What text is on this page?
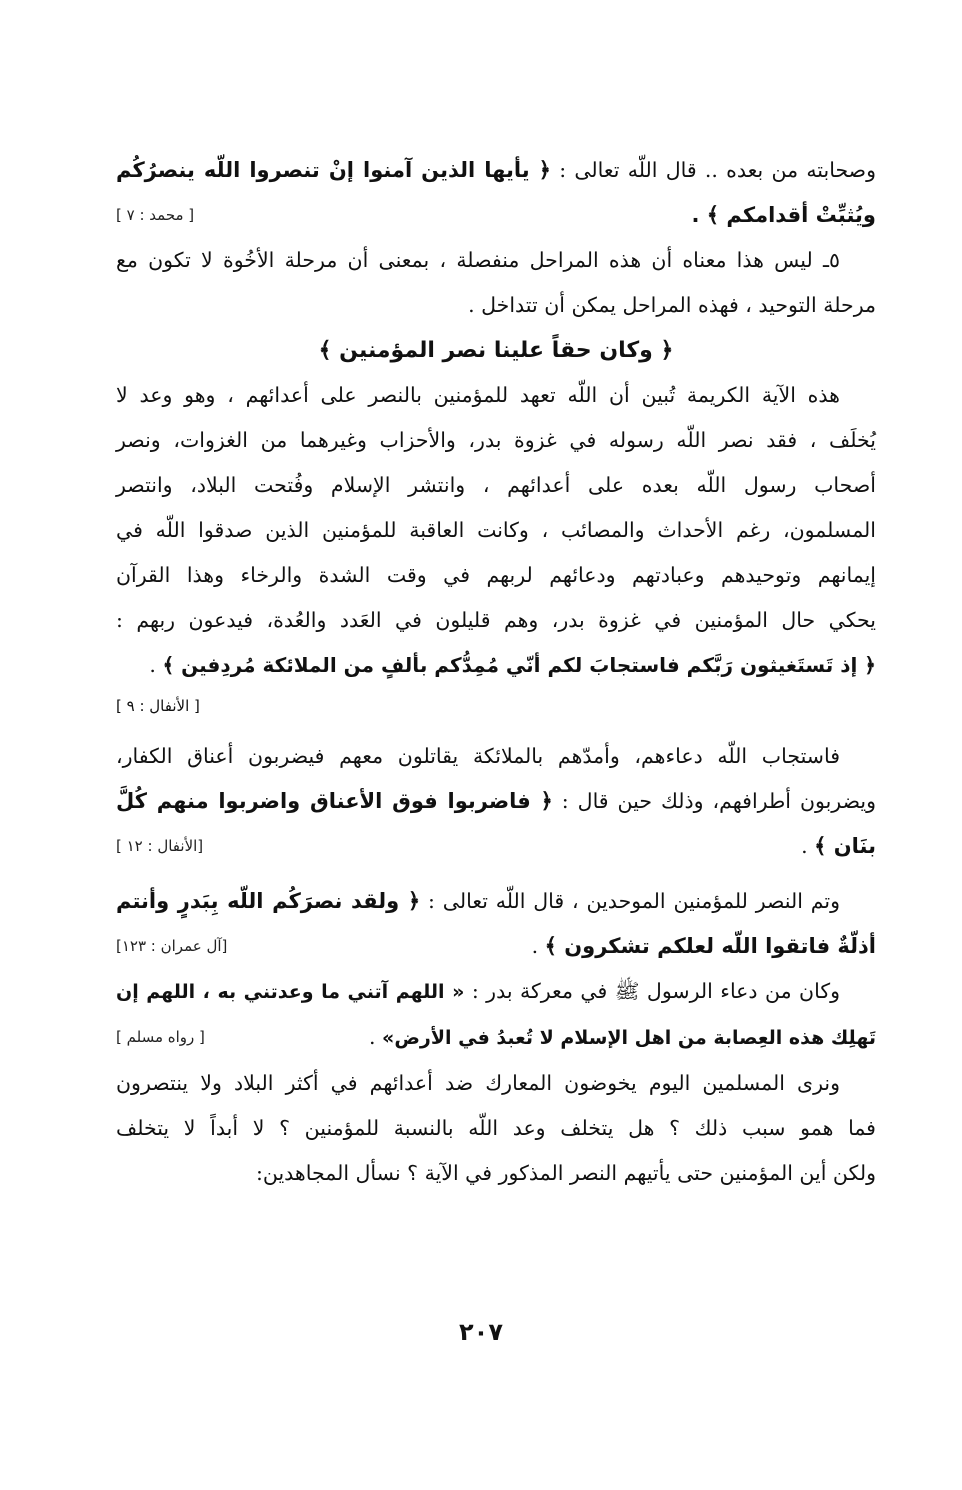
وصحابته من بعده .. قال اللّه تعالى : ﴿ يأيها الذين آمنوا إنْ تنصروا اللّه ينصرُكُم
ويُثبِّتْ أقدامكم ﴾ .
[ محمد : ٧ ]
٥ـ ليس هذا معناه أن هذه المراحل منفصلة ، بمعنى أن مرحلة الأخُوة لا تكون مع
مرحلة التوحيد ، فهذه المراحل يمكن أن تتداخل .
﴿ وكان حقاً علينا نصر المؤمنين ﴾
هذه الآية الكريمة تُبين أن اللّه تعهد للمؤمنين بالنصر على أعدائهم ، وهو وعد لا
يُخلَف ، فقد نصر اللّه رسوله في غزوة بدر، والأحزاب وغيرهما من الغزوات، ونصر
أصحاب رسول اللّه بعده على أعدائهم ، وانتشر الإسلام وفُتحت البلاد، وانتصر
المسلمون، رغم الأحداث والمصائب ، وكانت العاقبة للمؤمنين الذين صدقوا اللّه في
إيمانهم وتوحيدهم وعبادتهم ودعائهم لربهم في وقت الشدة والرخاء وهذا القرآن
يحكي حال المؤمنين في غزوة بدر، وهم قليلون في العَدد والعُدة، فيدعون ربهم :
﴿ إذ تَستَغيثون رَبَّكم فاستجابَ لكم أنّي مُمِدُّكم بألفٍ من الملائكة مُردِفين ﴾ .
[ الأنفال : ٩ ]
فاستجاب اللّه دعاءهم، وأمدّهم بالملائكة يقاتلون معهم فيضربون أعناق الكفار،
ويضربون أطرافهم، وذلك حين قال : ﴿ فاضربوا فوق الأعناق واضربوا منهم كُلَّ
بنَان ﴾ .
[الأنفال : ١٢ ]
وتم النصر للمؤمنين الموحدين ، قال اللّه تعالى : ﴿ ولقد نصرَكُم اللّه بِبَدرٍ وأنتم
أذلّةٌ فاتقوا اللّه لعلكم تشكرون ﴾ .
[آل عمران : ١٢٣]
وكان من دعاء الرسول ﷺ في معركة بدر : « اللهم آتني ما وعدتني به ، اللهم إن
تَهلِك هذه العِصابة من اهل الإسلام لا تُعبدُ في الأرض» .
[ رواه مسلم ]
ونرى المسلمين اليوم يخوضون المعارك ضد أعدائهم في أكثر البلاد ولا ينتصرون
فما همو سبب ذلك ؟ هل يتخلف وعد اللّه بالنسبة للمؤمنين ؟ لا أبداً لا يتخلف
ولكن أين المؤمنين حتى يأتيهم النصر المذكور في الآية ؟ نسأل المجاهدين:
٢٠٧
